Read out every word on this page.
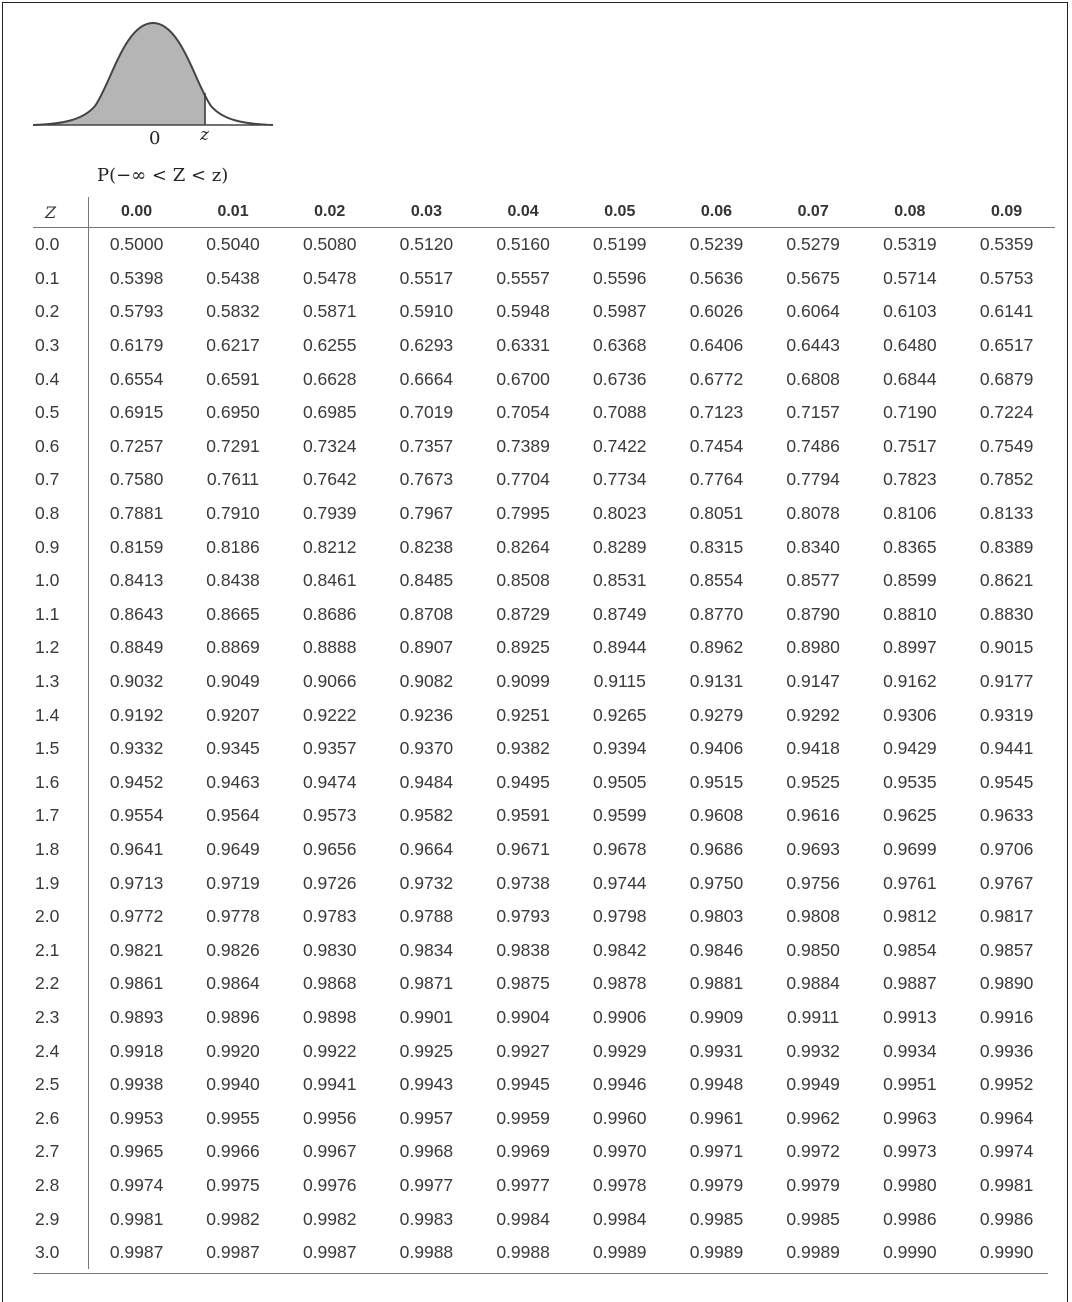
0 z
P(−∞ < Z < z)
Z	0.00	0.01	0.02	0.03	0.04	0.05	0.06	0.07	0.08	0.09
0.0	0.5000	0.5040	0.5080	0.5120	0.5160	0.5199	0.5239	0.5279	0.5319	0.5359
0.1	0.5398	0.5438	0.5478	0.5517	0.5557	0.5596	0.5636	0.5675	0.5714	0.5753
0.2	0.5793	0.5832	0.5871	0.5910	0.5948	0.5987	0.6026	0.6064	0.6103	0.6141
0.3	0.6179	0.6217	0.6255	0.6293	0.6331	0.6368	0.6406	0.6443	0.6480	0.6517
0.4	0.6554	0.6591	0.6628	0.6664	0.6700	0.6736	0.6772	0.6808	0.6844	0.6879
0.5	0.6915	0.6950	0.6985	0.7019	0.7054	0.7088	0.7123	0.7157	0.7190	0.7224
0.6	0.7257	0.7291	0.7324	0.7357	0.7389	0.7422	0.7454	0.7486	0.7517	0.7549
0.7	0.7580	0.7611	0.7642	0.7673	0.7704	0.7734	0.7764	0.7794	0.7823	0.7852
0.8	0.7881	0.7910	0.7939	0.7967	0.7995	0.8023	0.8051	0.8078	0.8106	0.8133
0.9	0.8159	0.8186	0.8212	0.8238	0.8264	0.8289	0.8315	0.8340	0.8365	0.8389
1.0	0.8413	0.8438	0.8461	0.8485	0.8508	0.8531	0.8554	0.8577	0.8599	0.8621
1.1	0.8643	0.8665	0.8686	0.8708	0.8729	0.8749	0.8770	0.8790	0.8810	0.8830
1.2	0.8849	0.8869	0.8888	0.8907	0.8925	0.8944	0.8962	0.8980	0.8997	0.9015
1.3	0.9032	0.9049	0.9066	0.9082	0.9099	0.9115	0.9131	0.9147	0.9162	0.9177
1.4	0.9192	0.9207	0.9222	0.9236	0.9251	0.9265	0.9279	0.9292	0.9306	0.9319
1.5	0.9332	0.9345	0.9357	0.9370	0.9382	0.9394	0.9406	0.9418	0.9429	0.9441
1.6	0.9452	0.9463	0.9474	0.9484	0.9495	0.9505	0.9515	0.9525	0.9535	0.9545
1.7	0.9554	0.9564	0.9573	0.9582	0.9591	0.9599	0.9608	0.9616	0.9625	0.9633
1.8	0.9641	0.9649	0.9656	0.9664	0.9671	0.9678	0.9686	0.9693	0.9699	0.9706
1.9	0.9713	0.9719	0.9726	0.9732	0.9738	0.9744	0.9750	0.9756	0.9761	0.9767
2.0	0.9772	0.9778	0.9783	0.9788	0.9793	0.9798	0.9803	0.9808	0.9812	0.9817
2.1	0.9821	0.9826	0.9830	0.9834	0.9838	0.9842	0.9846	0.9850	0.9854	0.9857
2.2	0.9861	0.9864	0.9868	0.9871	0.9875	0.9878	0.9881	0.9884	0.9887	0.9890
2.3	0.9893	0.9896	0.9898	0.9901	0.9904	0.9906	0.9909	0.9911	0.9913	0.9916
2.4	0.9918	0.9920	0.9922	0.9925	0.9927	0.9929	0.9931	0.9932	0.9934	0.9936
2.5	0.9938	0.9940	0.9941	0.9943	0.9945	0.9946	0.9948	0.9949	0.9951	0.9952
2.6	0.9953	0.9955	0.9956	0.9957	0.9959	0.9960	0.9961	0.9962	0.9963	0.9964
2.7	0.9965	0.9966	0.9967	0.9968	0.9969	0.9970	0.9971	0.9972	0.9973	0.9974
2.8	0.9974	0.9975	0.9976	0.9977	0.9977	0.9978	0.9979	0.9979	0.9980	0.9981
2.9	0.9981	0.9982	0.9982	0.9983	0.9984	0.9984	0.9985	0.9985	0.9986	0.9986
3.0	0.9987	0.9987	0.9987	0.9988	0.9988	0.9989	0.9989	0.9989	0.9990	0.9990
